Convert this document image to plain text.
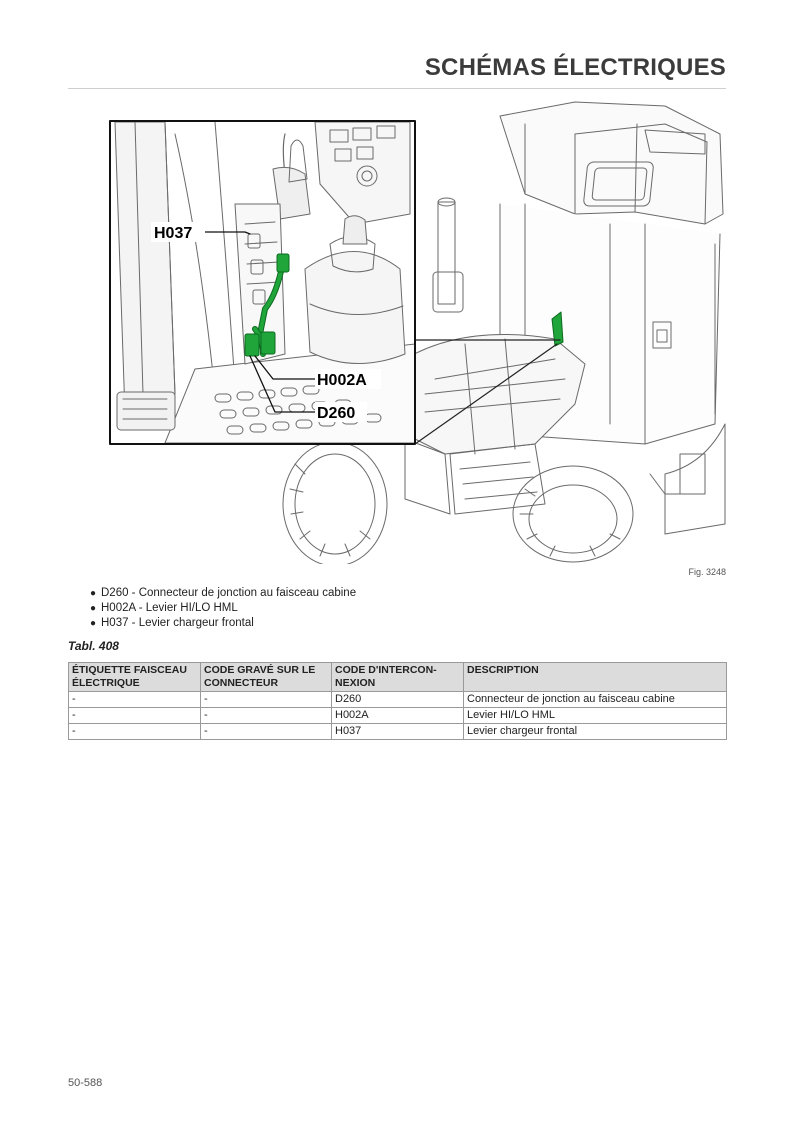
SCHÉMAS ÉLECTRIQUES
H037
H002A
D260
Fig. 3248
● D260 - Connecteur de jonction au faisceau cabine
● H002A - Levier HI/LO HML
● H037 - Levier chargeur frontal

Tabl. 408

ÉTIQUETTE FAISCEAU ÉLECTRIQUE	CODE GRAVÉ SUR LE CONNECTEUR	CODE D'INTERCON-NEXION	DESCRIPTION
-	-	D260	Connecteur de jonction au faisceau cabine
-	-	H002A	Levier HI/LO HML
-	-	H037	Levier chargeur frontal
50-588
